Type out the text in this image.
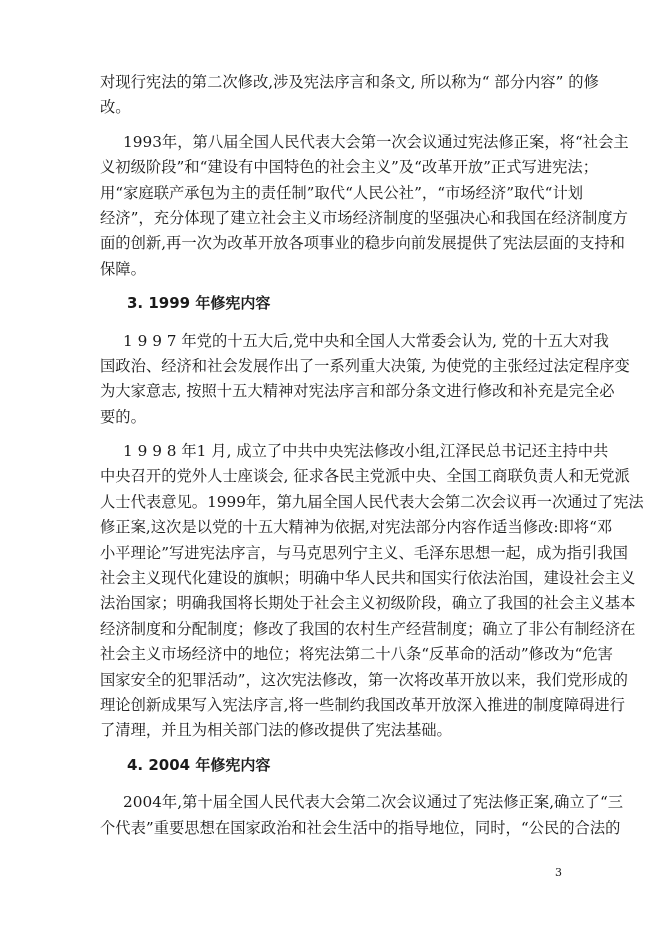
对现行宪法的第二次修改,涉及宪法序言和条文, 所以称为“ 部分内容” 的修
改。
1993年，第八届全国人民代表大会第一次会议通过宪法修正案，将“社会主
义初级阶段”和“建设有中国特色的社会主义”及“改革开放”正式写进宪法；
用“家庭联产承包为主的责任制”取代“人民公社”，“市场经济”取代“计划
经济”，充分体现了建立社会主义市场经济制度的坚强决心和我国在经济制度方
面的创新,再一次为改革开放各项事业的稳步向前发展提供了宪法层面的支持和
保障。
3. 1999 年修宪内容
1 9 9 7 年党的十五大后,党中央和全国人大常委会认为, 党的十五大对我
国政治、经济和社会发展作出了一系列重大决策, 为使党的主张经过法定程序变
为大家意志, 按照十五大精神对宪法序言和部分条文进行修改和补充是完全必
要的。
1 9 9 8 年1 月, 成立了中共中央宪法修改小组,江泽民总书记还主持中共
中央召开的党外人士座谈会, 征求各民主党派中央、全国工商联负责人和无党派
人士代表意见。1999年，第九届全国人民代表大会第二次会议再一次通过了宪法
修正案,这次是以党的十五大精神为依据,对宪法部分内容作适当修改:即将“邓
小平理论”写进宪法序言，与马克思列宁主义、毛泽东思想一起，成为指引我国
社会主义现代化建设的旗帜；明确中华人民共和国实行依法治国，建设社会主义
法治国家；明确我国将长期处于社会主义初级阶段，确立了我国的社会主义基本
经济制度和分配制度；修改了我国的农村生产经营制度；确立了非公有制经济在
社会主义市场经济中的地位；将宪法第二十八条“反革命的活动”修改为“危害
国家安全的犯罪活动”，这次宪法修改，第一次将改革开放以来，我们党形成的
理论创新成果写入宪法序言,将一些制约我国改革开放深入推进的制度障碍进行
了清理，并且为相关部门法的修改提供了宪法基础。
4. 2004 年修宪内容
2004年,第十届全国人民代表大会第二次会议通过了宪法修正案,确立了“三
个代表”重要思想在国家政治和社会生活中的指导地位，同时，“公民的合法的
3
